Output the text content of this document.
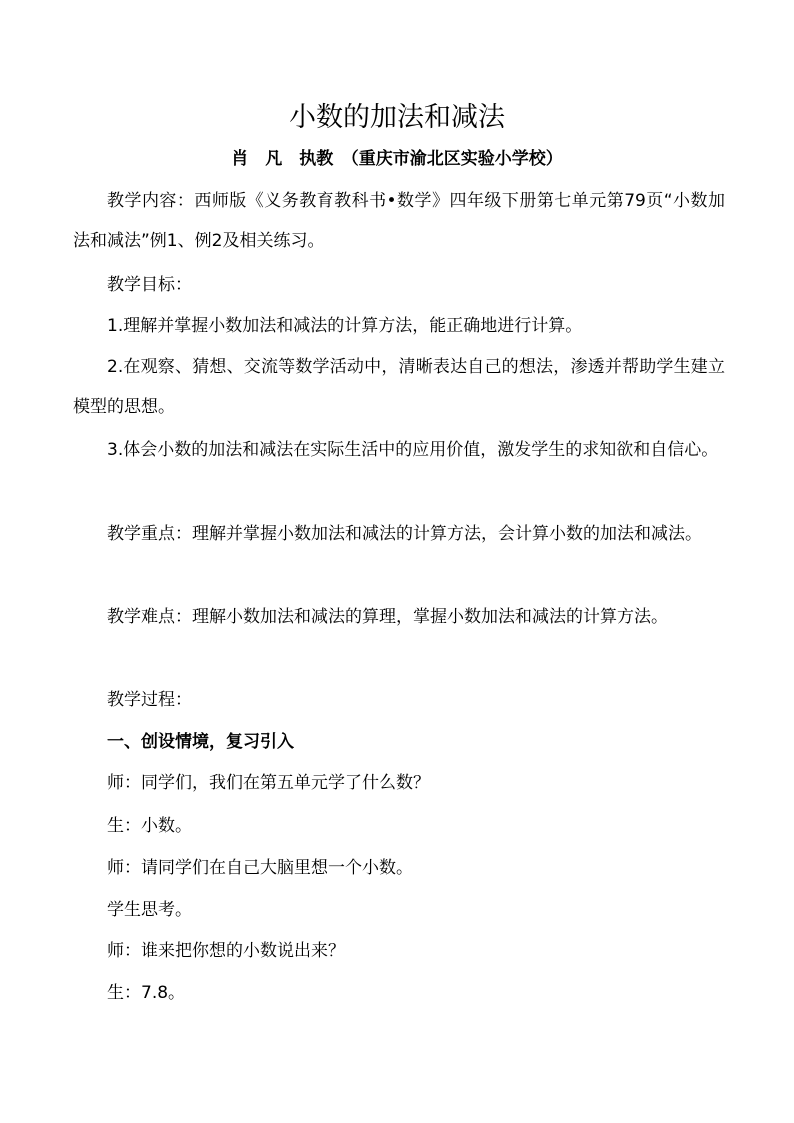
小数的加法和减法
肖　凡　执教　（重庆市渝北区实验小学校）

教学内容：西师版《义务教育教科书•数学》四年级下册第七单元第79页“小数加法和减法”例1、例2及相关练习。

教学目标：

1.理解并掌握小数加法和减法的计算方法，能正确地进行计算。

2.在观察、猜想、交流等数学活动中，清晰表达自己的想法，渗透并帮助学生建立模型的思想。

3.体会小数的加法和减法在实际生活中的应用价值，激发学生的求知欲和自信心。

教学重点：理解并掌握小数加法和减法的计算方法，会计算小数的加法和减法。

教学难点：理解小数加法和减法的算理，掌握小数加法和减法的计算方法。

教学过程：

一、创设情境，复习引入

师：同学们，我们在第五单元学了什么数？

生：小数。

师：请同学们在自己大脑里想一个小数。

学生思考。

师：谁来把你想的小数说出来？

生：7.8。
